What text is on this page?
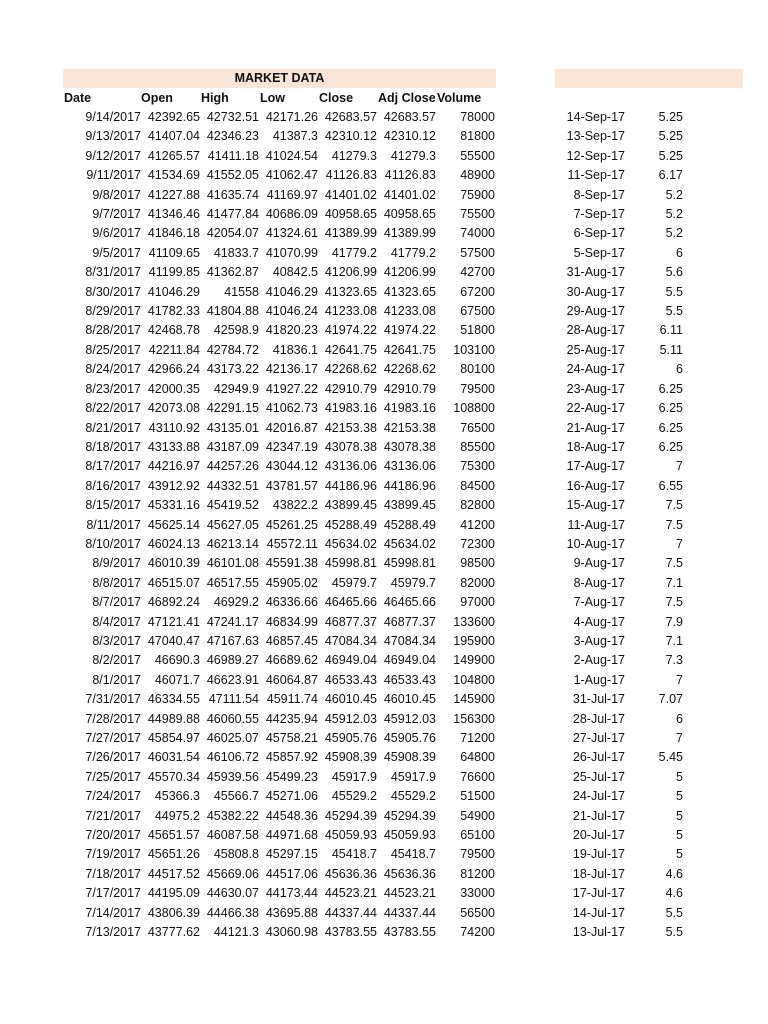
MARKET DATA
Date	Open High Low	Close Adj Close Volume
9/14/2017 42392.65 42732.51 42171.26 42683.57 42683.57	78000	14-Sep-17	5.25
9/13/2017 41407.04 42346.23	41387.3 42310.12 42310.12	81800	13-Sep-17	5.25
9/12/2017 41265.57 41411.18 41024.54	41279.3	41279.3	55500	12-Sep-17	5.25
9/11/2017 41534.69 41552.05 41062.47 41126.83 41126.83	48900	11-Sep-17	6.17
9/8/2017 41227.88 41635.74 41169.97 41401.02 41401.02	75900	8-Sep-17	5.2
9/7/2017 41346.46 41477.84 40686.09 40958.65 40958.65	75500	7-Sep-17	5.2
9/6/2017 41846.18 42054.07 41324.61 41389.99 41389.99	74000	6-Sep-17	5.2
9/5/2017 41109.65	41833.7 41070.99	41779.2	41779.2	57500	5-Sep-17	6
8/31/2017 41199.85 41362.87	40842.5 41206.99 41206.99	42700	31-Aug-17	5.6
8/30/2017 41046.29	41558 41046.29 41323.65 41323.65	67200	30-Aug-17	5.5
8/29/2017 41782.33 41804.88 41046.24 41233.08 41233.08	67500	29-Aug-17	5.5
8/28/2017 42468.78	42598.9 41820.23 41974.22 41974.22	51800	28-Aug-17	6.11
8/25/2017 42211.84 42784.72	41836.1 42641.75 42641.75	103100	25-Aug-17	5.11
8/24/2017 42966.24 43173.22 42136.17 42268.62 42268.62	80100	24-Aug-17	6
8/23/2017 42000.35	42949.9 41927.22 42910.79 42910.79	79500	23-Aug-17	6.25
8/22/2017 42073.08 42291.15 41062.73 41983.16 41983.16	108800	22-Aug-17	6.25
8/21/2017 43110.92 43135.01 42016.87 42153.38 42153.38	76500	21-Aug-17	6.25
8/18/2017 43133.88 43187.09 42347.19 43078.38 43078.38	85500	18-Aug-17	6.25
8/17/2017 44216.97 44257.26 43044.12 43136.06 43136.06	75300	17-Aug-17	7
8/16/2017 43912.92 44332.51 43781.57 44186.96 44186.96	84500	16-Aug-17	6.55
8/15/2017 45331.16 45419.52	43822.2 43899.45 43899.45	82800	15-Aug-17	7.5
8/11/2017 45625.14 45627.05 45261.25 45288.49 45288.49	41200	11-Aug-17	7.5
8/10/2017 46024.13 46213.14 45572.11 45634.02 45634.02	72300	10-Aug-17	7
8/9/2017 46010.39 46101.08 45591.38 45998.81 45998.81	98500	9-Aug-17	7.5
8/8/2017 46515.07 46517.55 45905.02	45979.7	45979.7	82000	8-Aug-17	7.1
8/7/2017 46892.24	46929.2 46336.66 46465.66 46465.66	97000	7-Aug-17	7.5
8/4/2017 47121.41 47241.17 46834.99 46877.37 46877.37	133600	4-Aug-17	7.9
8/3/2017 47040.47 47167.63 46857.45 47084.34 47084.34	195900	3-Aug-17	7.1
8/2/2017	46690.3 46989.27 46689.62 46949.04 46949.04	149900	2-Aug-17	7.3
8/1/2017	46071.7 46623.91 46064.87 46533.43 46533.43	104800	1-Aug-17	7
7/31/2017 46334.55 47111.54 45911.74 46010.45 46010.45	145900	31-Jul-17	7.07
7/28/2017 44989.88 46060.55 44235.94 45912.03 45912.03	156300	28-Jul-17	6
7/27/2017 45854.97 46025.07 45758.21 45905.76 45905.76	71200	27-Jul-17	7
7/26/2017 46031.54 46106.72 45857.92 45908.39 45908.39	64800	26-Jul-17	5.45
7/25/2017 45570.34 45939.56 45499.23	45917.9	45917.9	76600	25-Jul-17	5
7/24/2017	45366.3	45566.7 45271.06	45529.2	45529.2	51500	24-Jul-17	5
7/21/2017	44975.2 45382.22 44548.36 45294.39 45294.39	54900	21-Jul-17	5
7/20/2017 45651.57 46087.58 44971.68 45059.93 45059.93	65100	20-Jul-17	5
7/19/2017 45651.26	45808.8 45297.15	45418.7	45418.7	79500	19-Jul-17	5
7/18/2017 44517.52 45669.06 44517.06 45636.36 45636.36	81200	18-Jul-17	4.6
7/17/2017 44195.09 44630.07 44173.44 44523.21 44523.21	33000	17-Jul-17	4.6
7/14/2017 43806.39 44466.38 43695.88 44337.44 44337.44	56500	14-Jul-17	5.5
7/13/2017 43777.62	44121.3 43060.98 43783.55 43783.55	74200	13-Jul-17	5.5
